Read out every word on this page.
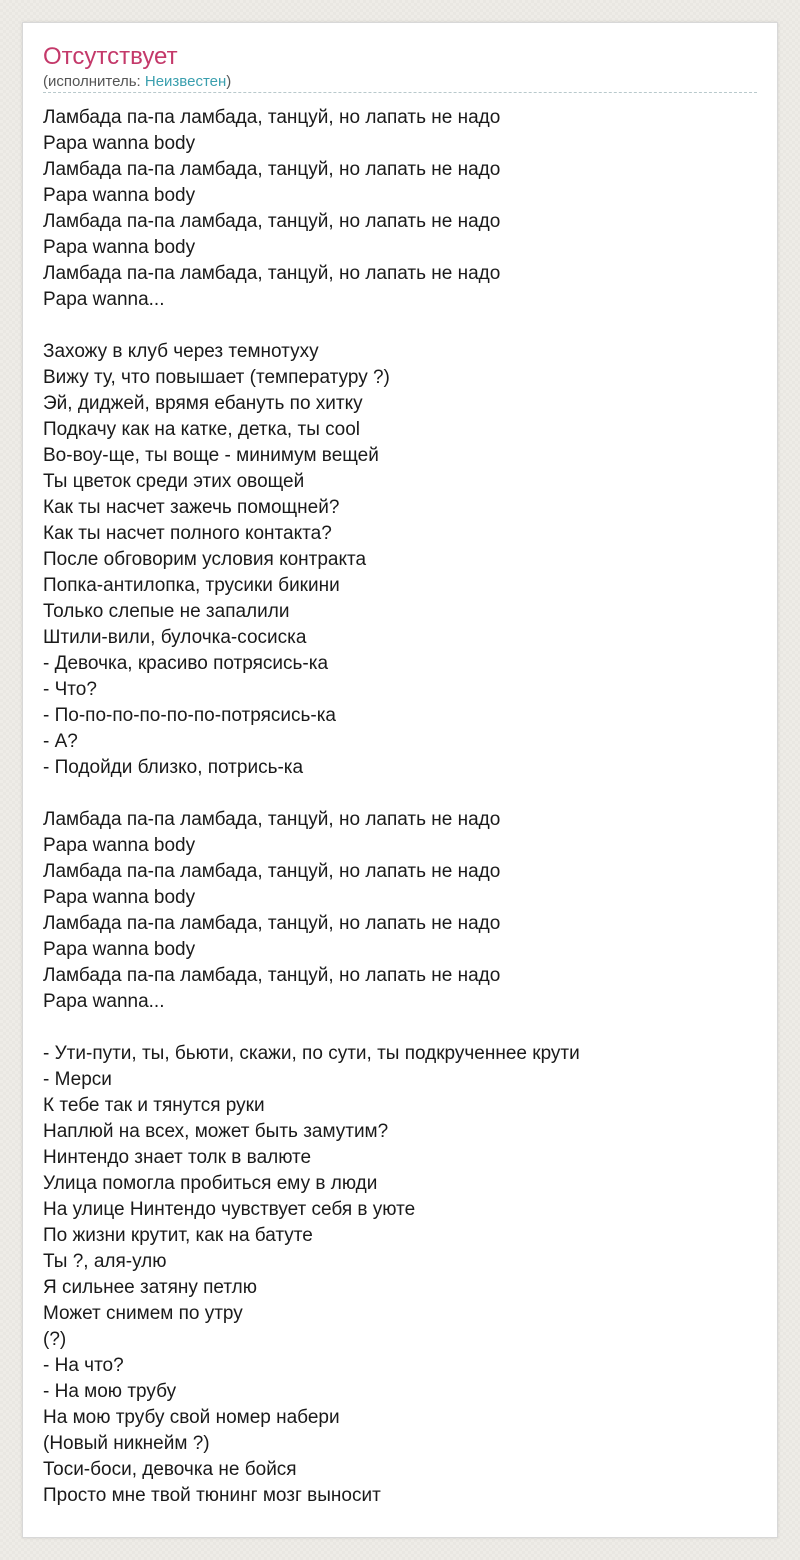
Отсутствует
(исполнитель: Неизвестен)
Ламбада па-па ламбада, танцуй, но лапать не надо
Papa wanna body
Ламбада па-па ламбада, танцуй, но лапать не надо
Papa wanna body
Ламбада па-па ламбада, танцуй, но лапать не надо
Papa wanna body
Ламбада па-па ламбада, танцуй, но лапать не надо
Papa wanna...
Захожу в клуб через темнотуху
Вижу ту, что повышает (температуру ?)
Эй, диджей, врямя ебануть по хитку
Подкачу как на катке, детка, ты cool
Во-воу-ще, ты воще - минимум вещей
Ты цветок среди этих овощей
Как ты насчет зажечь помощней?
Как ты насчет полного контакта?
После обговорим условия контракта
Попка-антилопка, трусики бикини
Только слепые не запалили
Штили-вили, булочка-сосиска
- Девочка, красиво потрясись-ка
- Что?
- По-по-по-по-по-по-потрясись-ка
- А?
- Подойди близко, потрись-ка
Ламбада па-па ламбада, танцуй, но лапать не надо
Papa wanna body
Ламбада па-па ламбада, танцуй, но лапать не надо
Papa wanna body
Ламбада па-па ламбада, танцуй, но лапать не надо
Papa wanna body
Ламбада па-па ламбада, танцуй, но лапать не надо
Papa wanna...
- Ути-пути, ты, бьюти, скажи, по сути, ты подкрученнее крути
- Мерси
К тебе так и тянутся руки
Наплюй на всех, может быть замутим?
Нинтендо знает толк в валюте
Улица помогла пробиться ему в люди
На улице Нинтендо чувствует себя в уюте
По жизни крутит, как на батуте
Ты ?, аля-улю
Я сильнее затяну петлю
Может снимем по утру
(?)
- На что?
- На мою трубу
На мою трубу свой номер набери
(Новый никнейм ?)
Тоси-боси, девочка не бойся
Просто мне твой тюнинг мозг выносит
